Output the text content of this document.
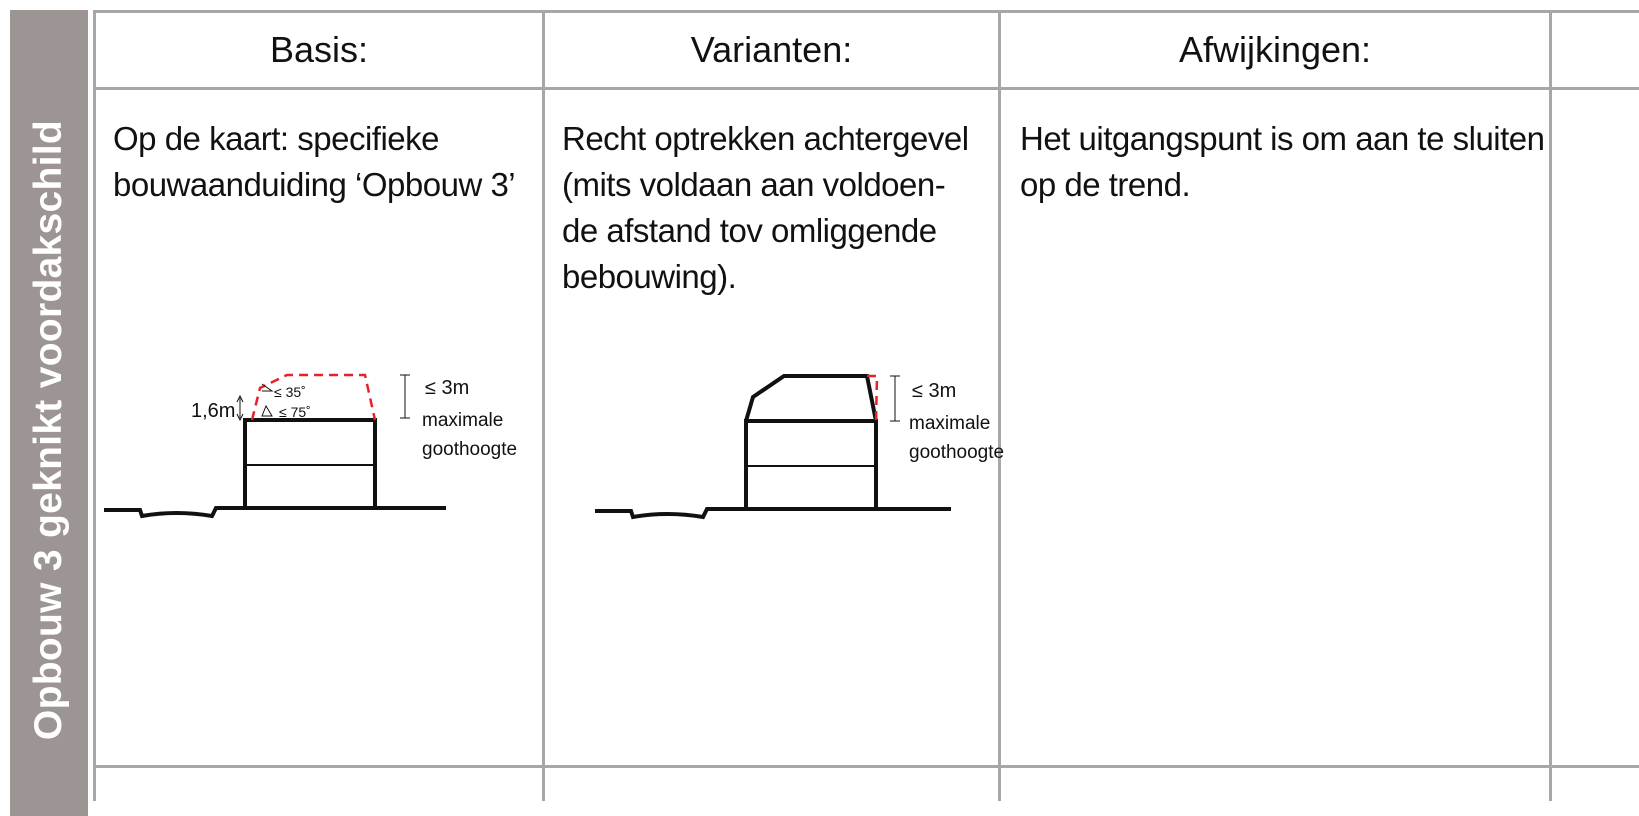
Opbouw 3 geknikt voordakschild
Basis:	Varianten:	Afwijkingen:
Op de kaart: specifieke
bouwaanduiding ‘Opbouw 3’
Recht optrekken achtergevel
(mits voldaan aan voldoen-
de afstand tov omliggende
bebouwing).
Het uitgangspunt is om aan te sluiten
op de trend.
1,6m
≤ 35˚
≤ 75˚
≤ 3m
maximale
goothoogte
≤ 3m
maximale
goothoogte
